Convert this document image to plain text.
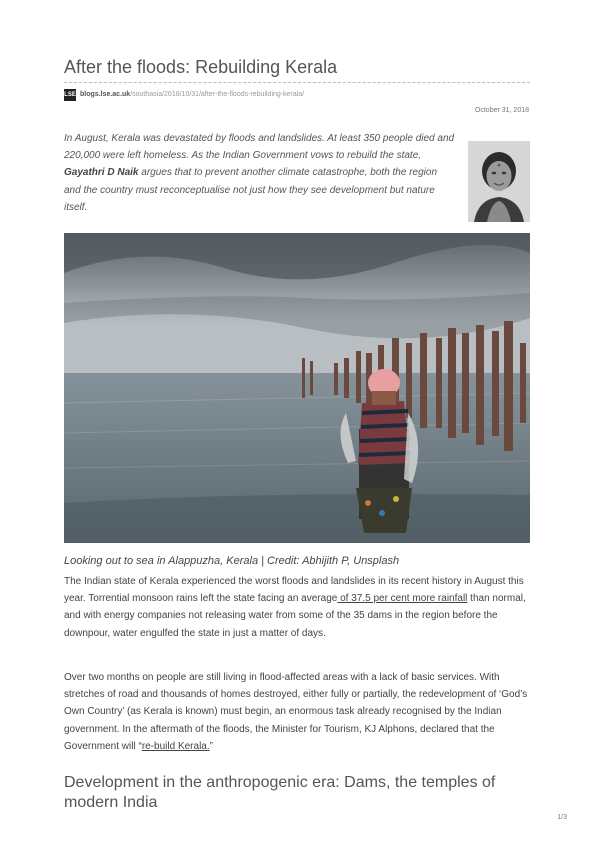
After the floods: Rebuilding Kerala
LSE blogs.lse.ac.uk /southasia/2018/10/31/after-the-floods-rebuilding-kerala/
October 31, 2018

In August, Kerala was devastated by floods and landslides. At least 350 people died and 220,000 were left homeless. As the Indian Government vows to rebuild the state, Gayathri D Naik argues that to prevent another climate catastrophe, both the region and the country must reconceptualise not just how they see development but nature itself.

Looking out to sea in Alappuzha, Kerala | Credit: Abhijith P, Unsplash

The Indian state of Kerala experienced the worst floods and landslides in its recent history in August this year. Torrential monsoon rains left the state facing an average of 37.5 per cent more rainfall than normal, and with energy companies not releasing water from some of the 35 dams in the region before the downpour, water engulfed the state in just a matter of days.

Over two months on people are still living in flood-affected areas with a lack of basic services. With stretches of road and thousands of homes destroyed, either fully or partially, the redevelopment of ‘God’s Own Country’ (as Kerala is known) must begin, an enormous task already recognised by the Indian government. In the aftermath of the floods, the Minister for Tourism, KJ Alphons, declared that the Government will “re-build Kerala.”

Development in the anthropogenic era: Dams, the temples of modern India
1/3
